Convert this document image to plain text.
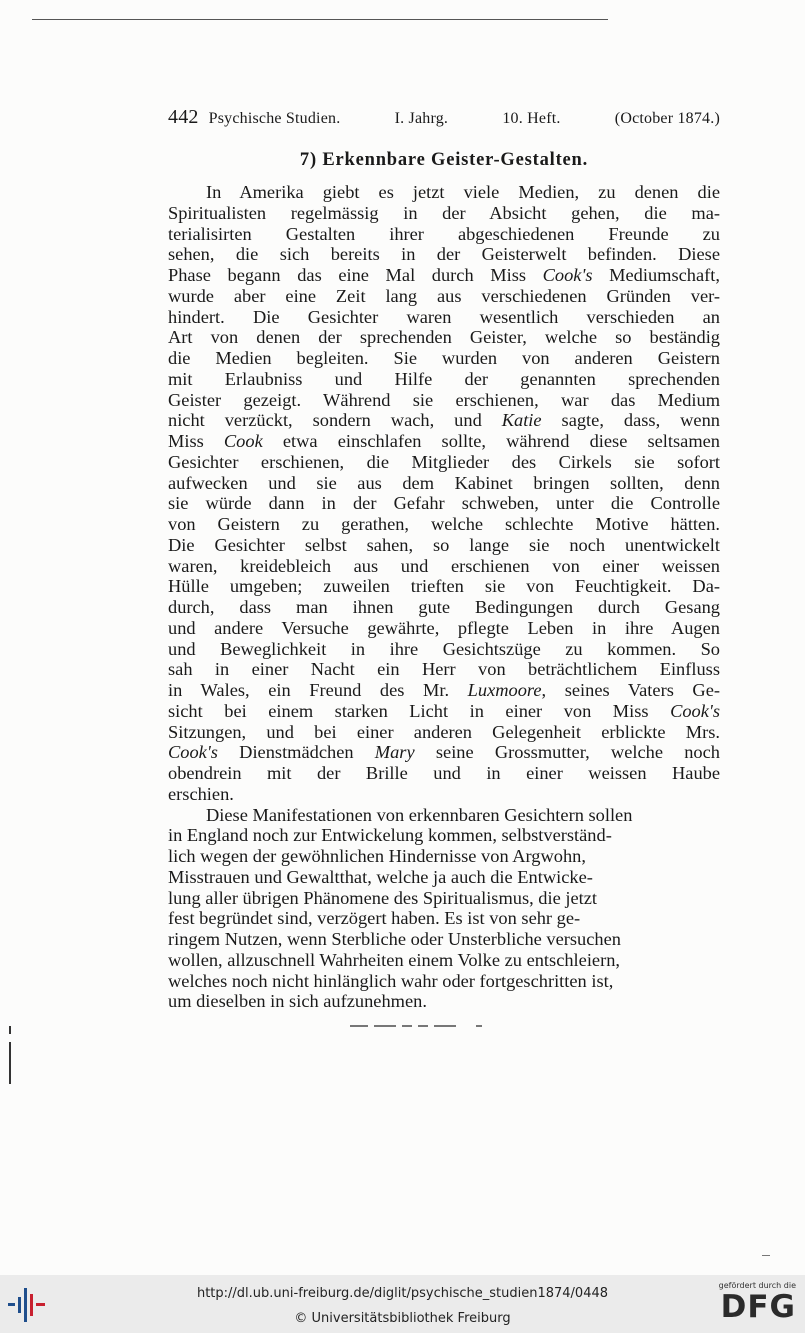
442 Psychische Studien.	I. Jahrg.	10. Heft.	(October 1874.)
7) Erkennbare Geister-Gestalten.

In Amerika giebt es jetzt viele Medien, zu denen die
Spiritualisten regelmässig in der Absicht gehen, die ma-
terialisirten Gestalten ihrer abgeschiedenen Freunde zu
sehen, die sich bereits in der Geisterwelt befinden. Diese
Phase begann das eine Mal durch Miss Cook's Mediumschaft,
wurde aber eine Zeit lang aus verschiedenen Gründen ver-
hindert. Die Gesichter waren wesentlich verschieden an
Art von denen der sprechenden Geister, welche so beständig
die Medien begleiten. Sie wurden von anderen Geistern
mit Erlaubniss und Hilfe der genannten sprechenden
Geister gezeigt. Während sie erschienen, war das Medium
nicht verzückt, sondern wach, und Katie sagte, dass, wenn
Miss Cook etwa einschlafen sollte, während diese seltsamen
Gesichter erschienen, die Mitglieder des Cirkels sie sofort
aufwecken und sie aus dem Kabinet bringen sollten, denn
sie würde dann in der Gefahr schweben, unter die Controlle
von Geistern zu gerathen, welche schlechte Motive hätten.
Die Gesichter selbst sahen, so lange sie noch unentwickelt
waren, kreidebleich aus und erschienen von einer weissen
Hülle umgeben; zuweilen trieften sie von Feuchtigkeit. Da-
durch, dass man ihnen gute Bedingungen durch Gesang
und andere Versuche gewährte, pflegte Leben in ihre Augen
und Beweglichkeit in ihre Gesichtszüge zu kommen. So
sah in einer Nacht ein Herr von beträchtlichem Einfluss
in Wales, ein Freund des Mr. Luxmoore, seines Vaters Ge-
sicht bei einem starken Licht in einer von Miss Cook's
Sitzungen, und bei einer anderen Gelegenheit erblickte Mrs.
Cook's Dienstmädchen Mary seine Grossmutter, welche noch
obendrein mit der Brille und in einer weissen Haube
erschien.

Diese Manifestationen von erkennbaren Gesichtern sollen
in England noch zur Entwickelung kommen, selbstverständ-
lich wegen der gewöhnlichen Hindernisse von Argwohn,
Misstrauen und Gewaltthat, welche ja auch die Entwicke-
lung aller übrigen Phänomene des Spiritualismus, die jetzt
fest begründet sind, verzögert haben. Es ist von sehr ge-
ringem Nutzen, wenn Sterbliche oder Unsterbliche versuchen
wollen, allzuschnell Wahrheiten einem Volke zu entschleiern,
welches noch nicht hinlänglich wahr oder fortgeschritten ist,
um dieselben in sich aufzunehmen.

http://dl.ub.uni-freiburg.de/diglit/psychische_studien1874/0448
© Universitätsbibliothek Freiburg
gefördert durch die
DFG
